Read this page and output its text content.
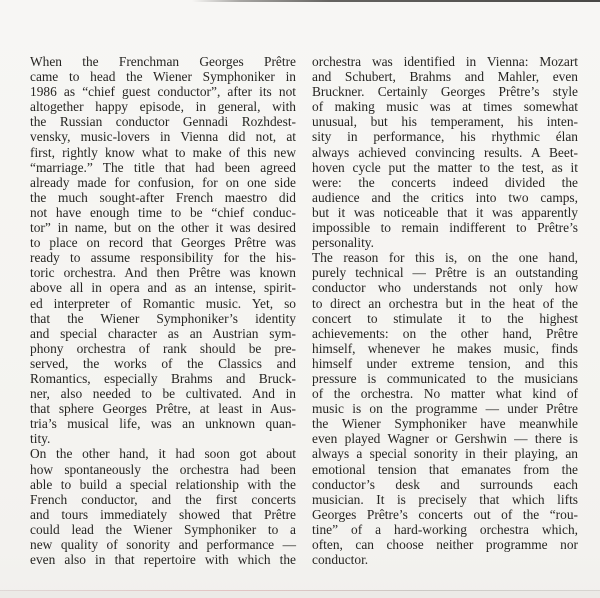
When the Frenchman Georges Prêtre
came to head the Wiener Symphoniker in
1986 as “chief guest conductor”, after its not
altogether happy episode, in general, with
the Russian conductor Gennadi Rozhdest-
vensky, music-lovers in Vienna did not, at
first, rightly know what to make of this new
“marriage.” The title that had been agreed
already made for confusion, for on one side
the much sought-after French maestro did
not have enough time to be “chief conduc-
tor” in name, but on the other it was desired
to place on record that Georges Prêtre was
ready to assume responsibility for the his-
toric orchestra. And then Prêtre was known
above all in opera and as an intense, spirit-
ed interpreter of Romantic music. Yet, so
that the Wiener Symphoniker’s identity
and special character as an Austrian sym-
phony orchestra of rank should be pre-
served, the works of the Classics and
Romantics, especially Brahms and Bruck-
ner, also needed to be cultivated. And in
that sphere Georges Prêtre, at least in Aus-
tria’s musical life, was an unknown quan-
tity.
On the other hand, it had soon got about
how spontaneously the orchestra had been
able to build a special relationship with the
French conductor, and the first concerts
and tours immediately showed that Prêtre
could lead the Wiener Symphoniker to a
new quality of sonority and performance —
even also in that repertoire with which the
orchestra was identified in Vienna: Mozart
and Schubert, Brahms and Mahler, even
Bruckner. Certainly Georges Prêtre’s style
of making music was at times somewhat
unusual, but his temperament, his inten-
sity in performance, his rhythmic élan
always achieved convincing results. A Beet-
hoven cycle put the matter to the test, as it
were: the concerts indeed divided the
audience and the critics into two camps,
but it was noticeable that it was apparently
impossible to remain indifferent to Prêtre’s
personality.
The reason for this is, on the one hand,
purely technical — Prêtre is an outstanding
conductor who understands not only how
to direct an orchestra but in the heat of the
concert to stimulate it to the highest
achievements: on the other hand, Prêtre
himself, whenever he makes music, finds
himself under extreme tension, and this
pressure is communicated to the musicians
of the orchestra. No matter what kind of
music is on the programme — under Prêtre
the Wiener Symphoniker have meanwhile
even played Wagner or Gershwin — there is
always a special sonority in their playing, an
emotional tension that emanates from the
conductor’s desk and surrounds each
musician. It is precisely that which lifts
Georges Prêtre’s concerts out of the “rou-
tine” of a hard-working orchestra which,
often, can choose neither programme nor
conductor.
